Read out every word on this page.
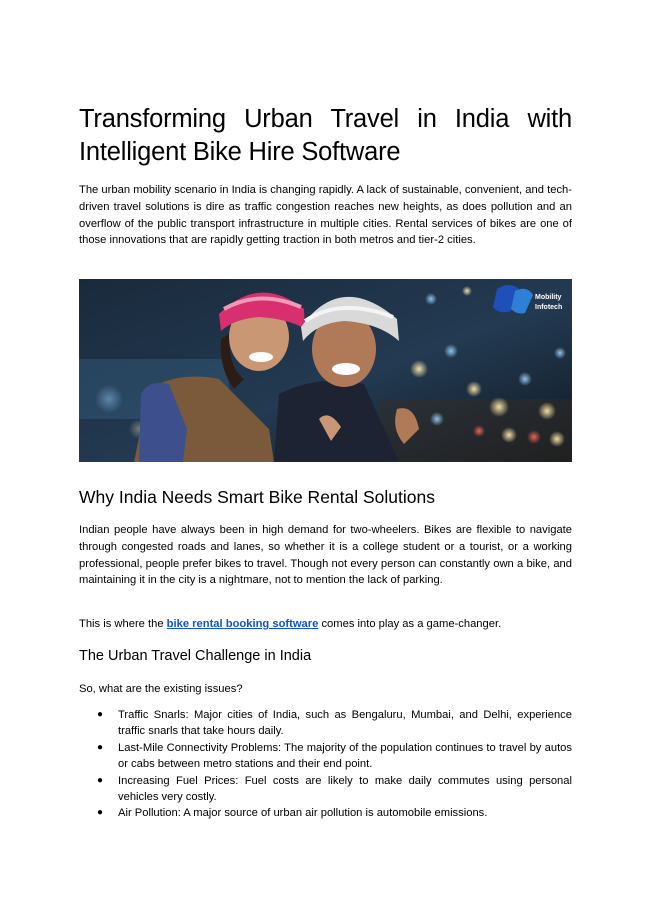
Transforming Urban Travel in India with Intelligent Bike Hire Software

The urban mobility scenario in India is changing rapidly. A lack of sustainable, convenient, and tech-driven travel solutions is dire as traffic congestion reaches new heights, as does pollution and an overflow of the public transport infrastructure in multiple cities. Rental services of bikes are one of those innovations that are rapidly getting traction in both metros and tier-2 cities.

Mobility
Infotech
Why India Needs Smart Bike Rental Solutions

Indian people have always been in high demand for two-wheelers. Bikes are flexible to navigate through congested roads and lanes, so whether it is a college student or a tourist, or a working professional, people prefer bikes to travel. Though not every person can constantly own a bike, and maintaining it in the city is a nightmare, not to mention the lack of parking.

This is where the bike rental booking software comes into play as a game-changer.

The Urban Travel Challenge in India

So, what are the existing issues?

● Traffic Snarls: Major cities of India, such as Bengaluru, Mumbai, and Delhi, experience traffic snarls that take hours daily.
● Last-Mile Connectivity Problems: The majority of the population continues to travel by autos or cabs between metro stations and their end point.
● Increasing Fuel Prices: Fuel costs are likely to make daily commutes using personal vehicles very costly.
● Air Pollution: A major source of urban air pollution is automobile emissions.
